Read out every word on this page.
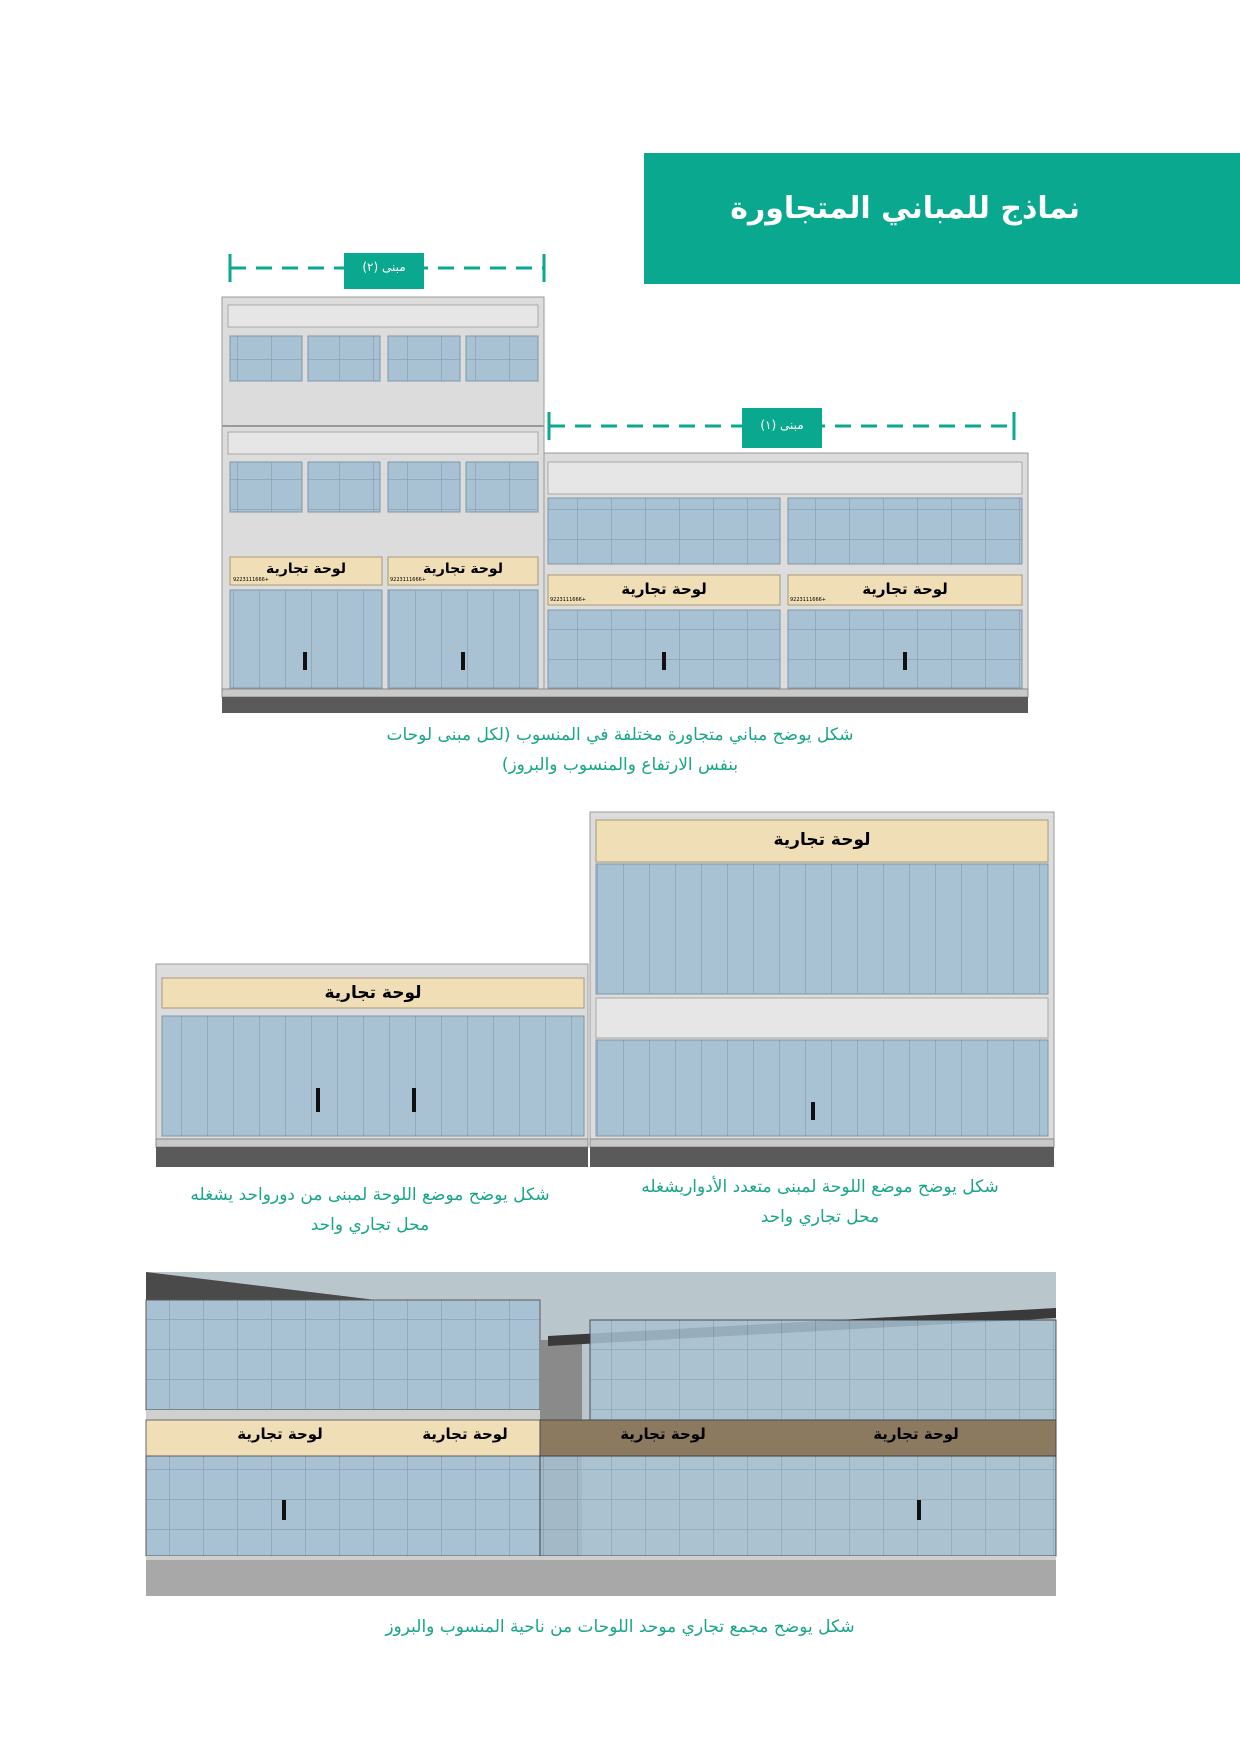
نماذج للمباني المتجاورة
مبنى (٢)
مبنى (١)
لوحة تجارية	لوحة تجارية
لوحة تجارية	لوحة تجارية
9223111666+	9223111666+
9223111666+	9223111666+
شكل يوضح مباني متجاورة مختلفة في المنسوب (لكل مبنى لوحات
بنفس الارتفاع والمنسوب والبروز)
لوحة تجارية
لوحة تجارية
شكل يوضح موضع اللوحة لمبنى من دورواحد يشغله
محل تجاري واحد
شكل يوضح موضع اللوحة لمبنى متعدد الأدواريشغله
محل تجاري واحد
لوحة تجارية	لوحة تجارية	لوحة تجارية	لوحة تجارية
شكل يوضح مجمع تجاري موحد اللوحات من ناحية المنسوب والبروز
